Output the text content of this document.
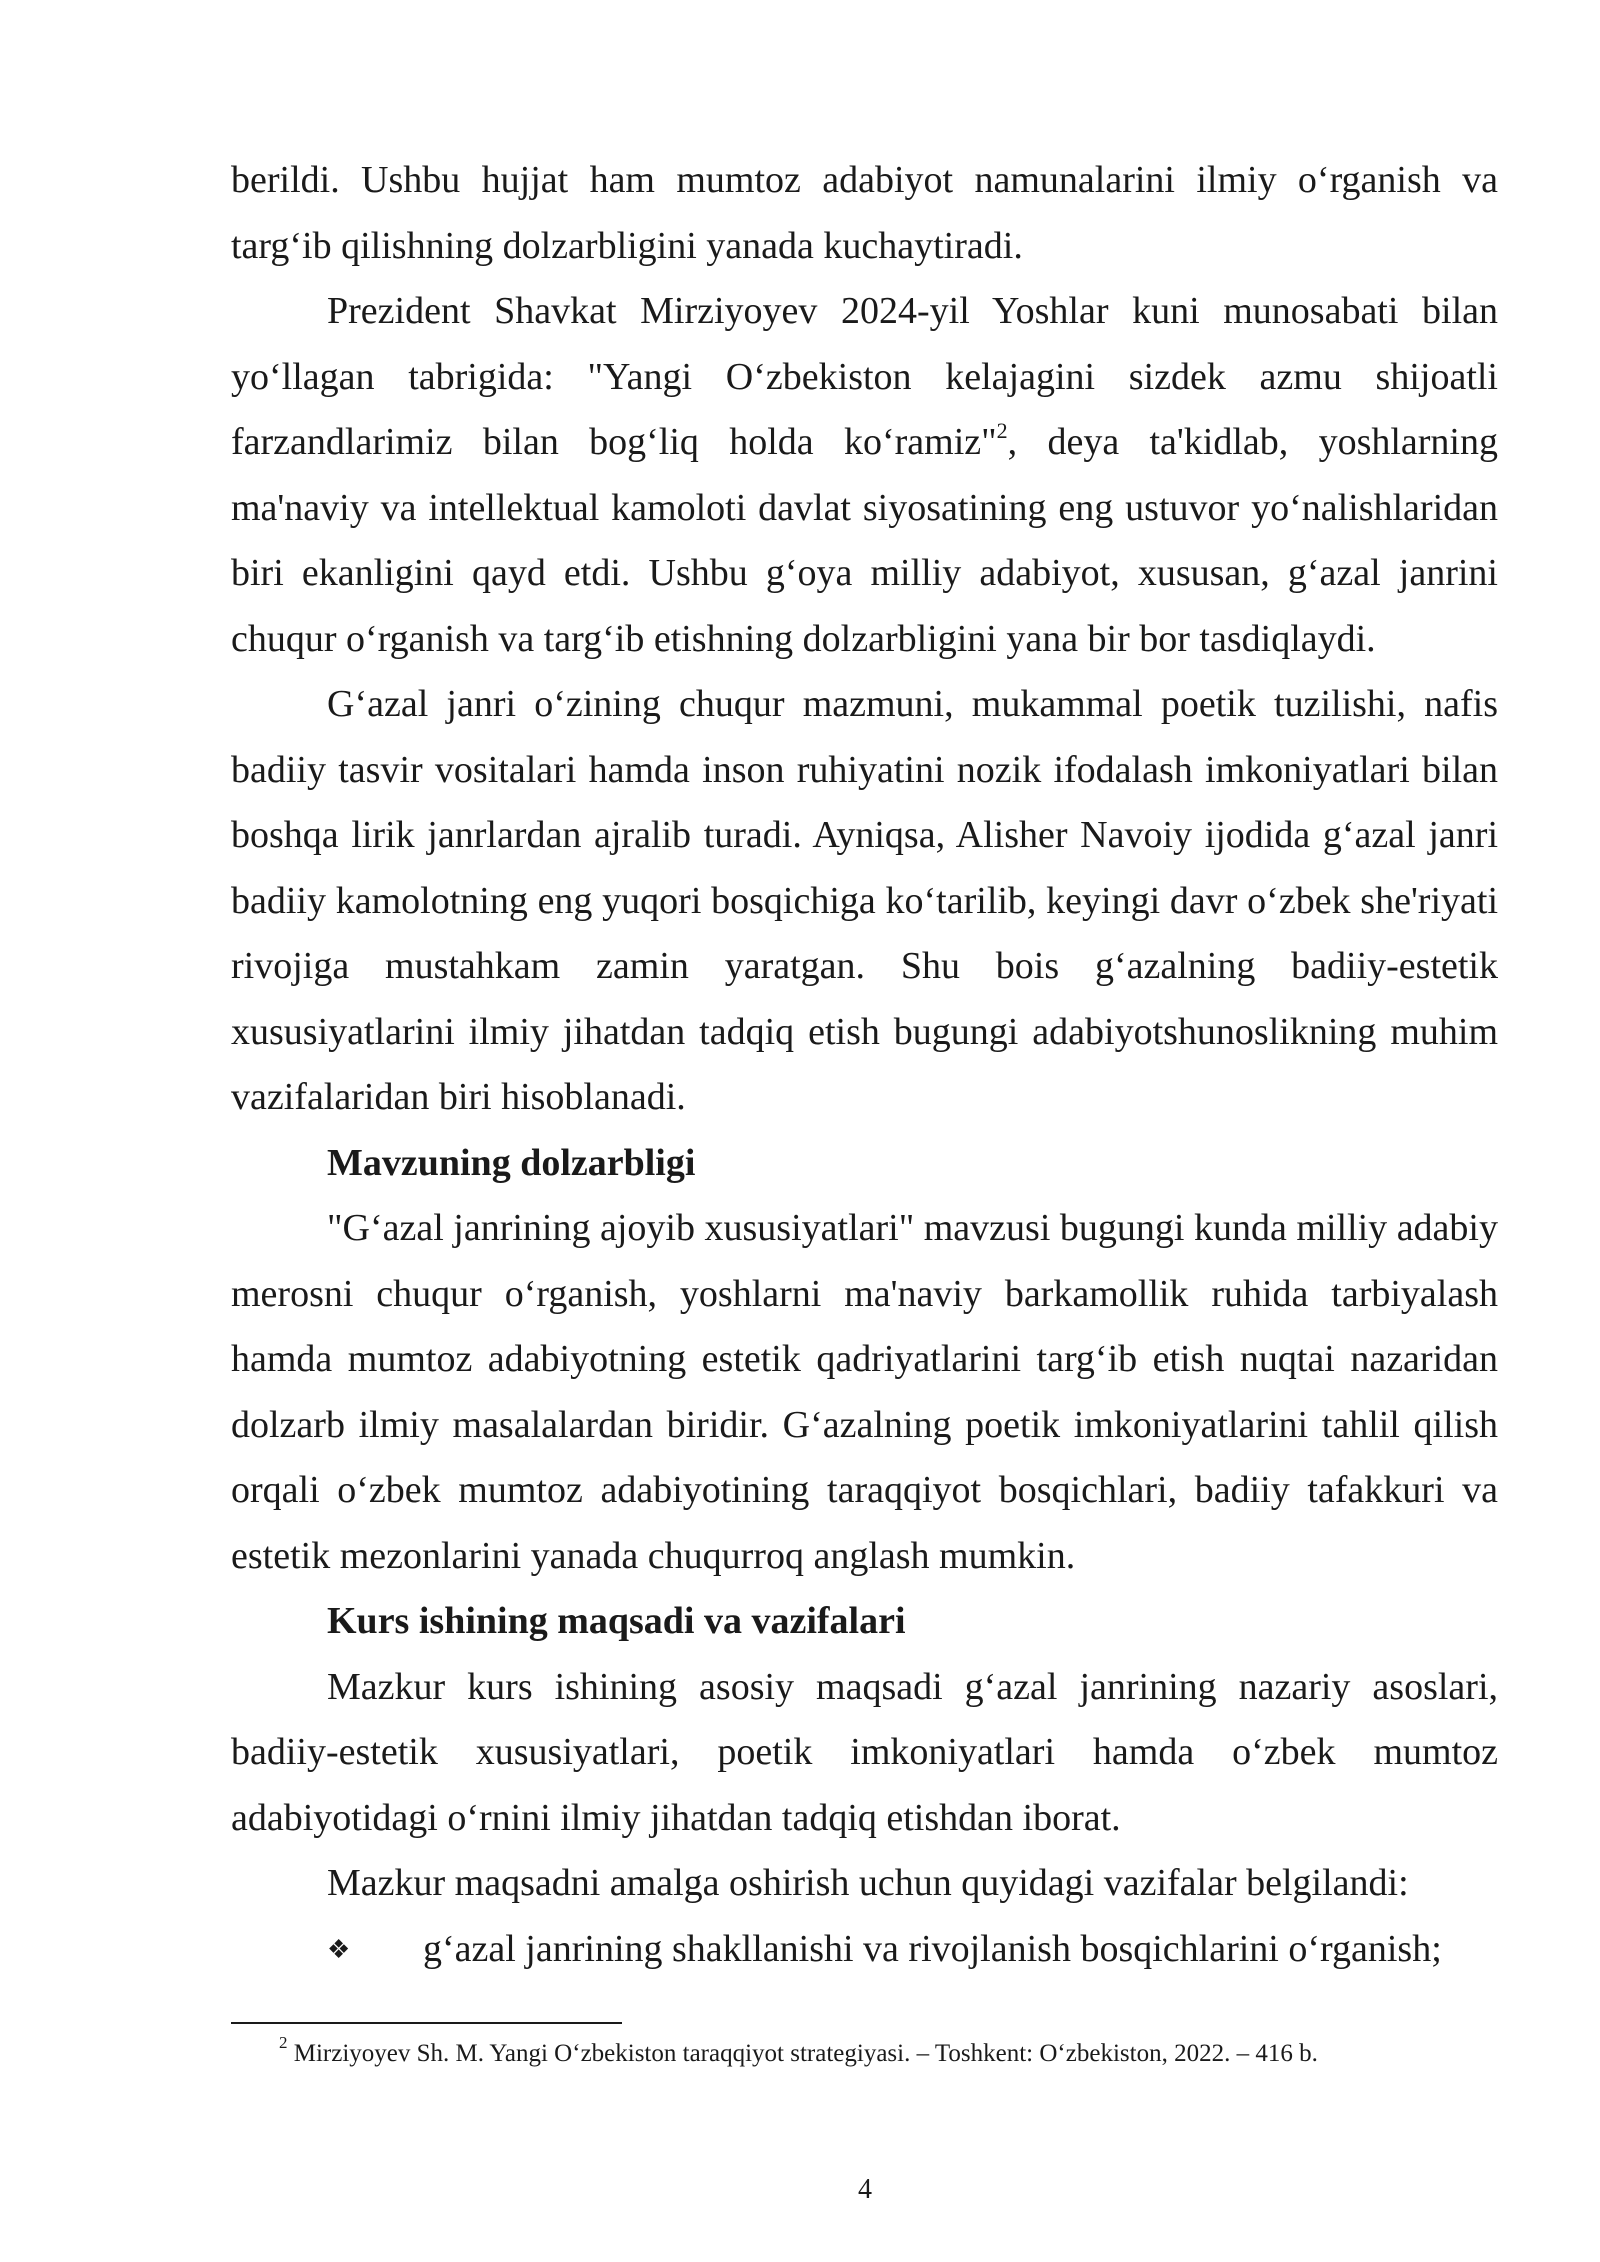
berildi. Ushbu hujjat ham mumtoz adabiyot namunalarini ilmiy oʻrganish va targʻib qilishning dolzarbligini yanada kuchaytiradi.

Prezident Shavkat Mirziyoyev 2024-yil Yoshlar kuni munosabati bilan yoʻllagan tabrigida: "Yangi Oʻzbekiston kelajagini sizdek azmu shijoatli farzandlarimiz bilan bogʻliq holda koʻramiz"$^2$, deya ta'kidlab, yoshlarning ma'naviy va intellektual kamoloti davlat siyosatining eng ustuvor yoʻnalishlaridan biri ekanligini qayd etdi. Ushbu gʻoya milliy adabiyot, xususan, gʻazal janrini chuqur oʻrganish va targʻib etishning dolzarbligini yana bir bor tasdiqlaydi.

Gʻazal janri oʻzining chuqur mazmuni, mukammal poetik tuzilishi, nafis badiiy tasvir vositalari hamda inson ruhiyatini nozik ifodalash imkoniyatlari bilan boshqa lirik janrlardan ajralib turadi. Ayniqsa, Alisher Navoiy ijodida gʻazal janri badiiy kamolotning eng yuqori bosqichiga koʻtarilib, keyingi davr oʻzbek she'riyati rivojiga mustahkam zamin yaratgan. Shu bois gʻazalning badiiy-estetik xususiyatlarini ilmiy jihatdan tadqiq etish bugungi adabiyotshunoslikning muhim vazifalaridan biri hisoblanadi.

Mavzuning dolzarbligi

"Gʻazal janrining ajoyib xususiyatlari" mavzusi bugungi kunda milliy adabiy merosni chuqur oʻrganish, yoshlarni ma'naviy barkamollik ruhida tarbiyalash hamda mumtoz adabiyotning estetik qadriyatlarini targʻib etish nuqtai nazaridan dolzarb ilmiy masalalardan biridir. Gʻazalning poetik imkoniyatlarini tahlil qilish orqali oʻzbek mumtoz adabiyotining taraqqiyot bosqichlari, badiiy tafakkuri va estetik mezonlarini yanada chuqurroq anglash mumkin.

Kurs ishining maqsadi va vazifalari

Mazkur kurs ishining asosiy maqsadi gʻazal janrining nazariy asoslari, badiiy-estetik xususiyatlari, poetik imkoniyatlari hamda oʻzbek mumtoz adabiyotidagi oʻrnini ilmiy jihatdan tadqiq etishdan iborat.

Mazkur maqsadni amalga oshirish uchun quyidagi vazifalar belgilandi:

❖ gʻazal janrining shakllanishi va rivojlanish bosqichlarini oʻrganish;
$^2$ Mirziyoyev Sh. M. Yangi Oʻzbekiston taraqqiyot strategiyasi. – Toshkent: Oʻzbekiston, 2022. – 416 b.
4
